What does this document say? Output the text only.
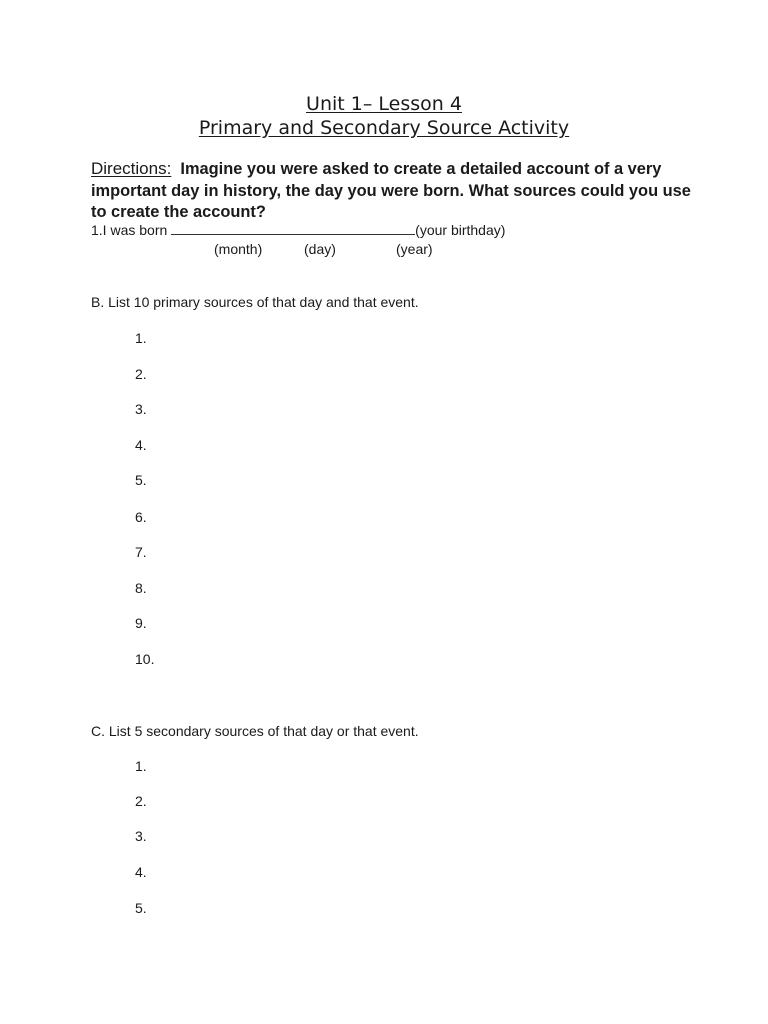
Unit 1– Lesson 4
Primary and Secondary Source Activity
Directions: Imagine you were asked to create a detailed account of a very important day in history, the day you were born. What sources could you use to create the account?
1.I was born	(your birthday)
(month)	(day)	(year)
B. List 10 primary sources of that day and that event.
1.
2.
3.
4.
5.
6.
7.
8.
9.
10.
C. List 5 secondary sources of that day or that event.
1.
2.
3.
4.
5.
